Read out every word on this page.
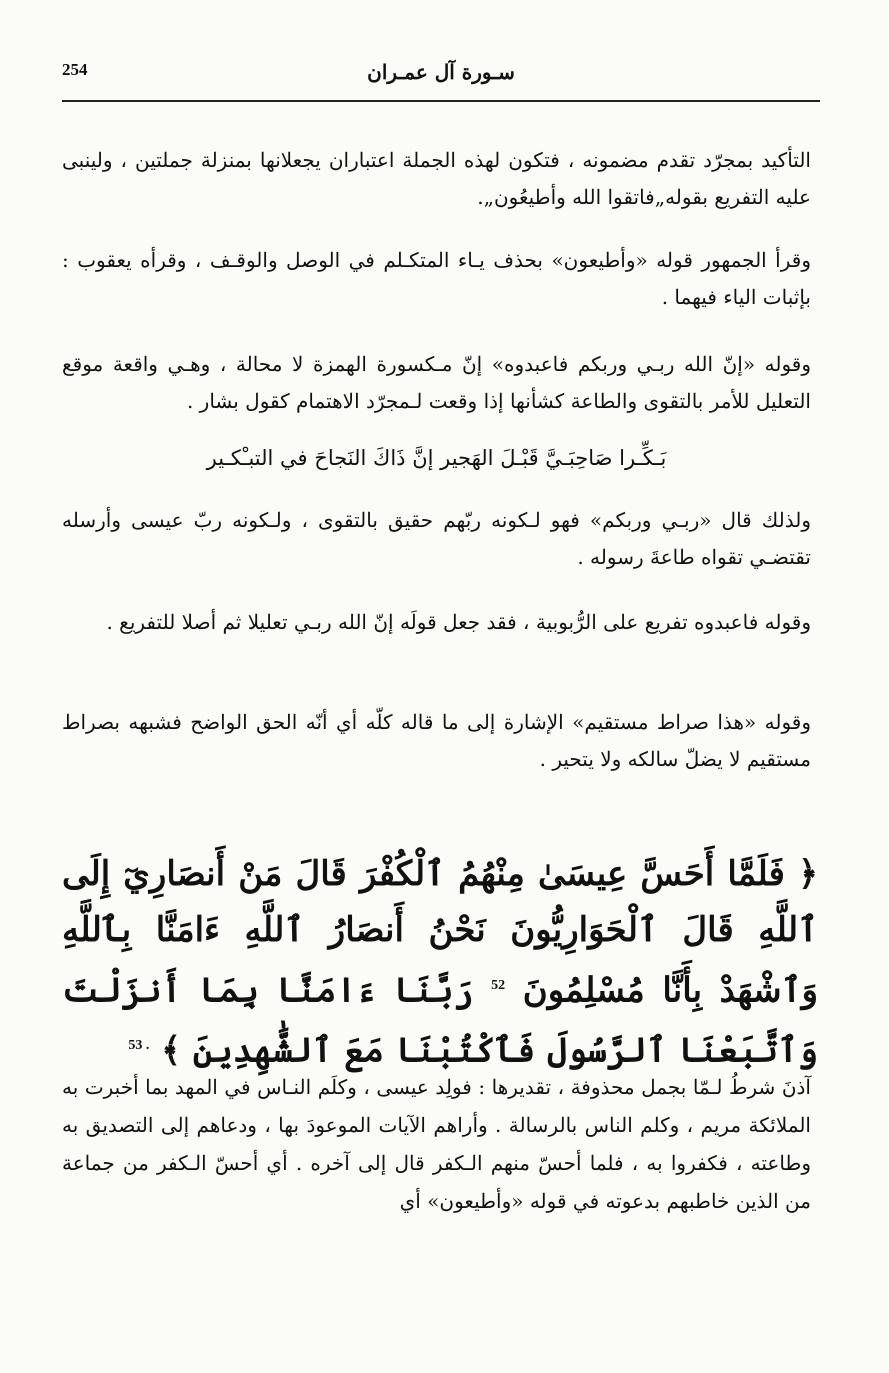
254	سـورة آل عمـران

التأكيد بمجرّد تقدم مضمونه ، فتكون لهذه الجملة اعتباران يجعلانها بمنزلة جملتين ، ولينبى عليه التفريع بقوله„فاتقوا الله وأطيعُون„.

وقرأ الجمهور قوله «وأطيعون» بحذف يـاء المتكـلم في الوصل والوقـف ، وقرأه يعقوب : بإثبات الياء فيهما .

وقوله «إنّ الله ربـي وربكم فاعبدوه» إنّ مـكسورة الهمزة لا محالة ، وهـي واقعة موقع التعليل للأمر بالتقوى والطاعة كشأنها إذا وقعت لـمجرّد الاهتمام كقول بشار .

بَـكِّـرا صَاحِبَـيَّ قَبْـلَ الهَجير إنَّ ذَاكَ النَجاحَ في التبـْكـير

ولذلك قال «ربـي وربكم» فهو لـكونه ربّهم حقيق بالتقوى ، ولـكونه ربّ عيسى وأرسله تقتضـي تقواه طاعةَ رسوله .

وقوله فاعبدوه تفريع على الرُّبوبية ، فقد جعل قولَه إنّ الله ربـي تعليلا ثم أصلا للتفريع .

وقوله «هذا صراط مستقيم» الإشارة إلى ما قاله كلّه أي أنّه الحق الواضح فشبهه بصراط مستقيم لا يضلّ سالكه ولا يتحير .

﴿ فَلَمَّا أَحَسَّ عِيسَىٰ مِنْهُمُ ٱلْكُفْرَ قَالَ مَنْ أَنصَارِيٓ إِلَى ٱللَّهِ قَالَ ٱلْحَوَارِيُّونَ نَحْنُ أَنصَارُ ٱللَّهِ ءَامَنَّا بِٱللَّهِ وَٱشْهَدْ بِأَنَّا مُسْلِمُونَ $^{52}$ رَبَّنَا ءَامَنَّا بِمَا أَنزَلْتَ وَٱتَّبَعْنَا ٱلرَّسُولَ فَٱكْتُبْنَا مَعَ ٱلشَّٰهِدِينَ ﴾ $^{. 53}$

آذنَ شرطُ لـمّا بجمل محذوفة ، تقديرها : فولِد عيسى ، وكلَم النـاس في المهد بما أخبرت به الملائكة مريم ، وكلم الناس بالرسالة . وأراهم الآيات الموعودَ بها ، ودعاهم إلى التصديق به وطاعته ، فكفروا به ، فلما أحسّ منهم الـكفر قال إلى آخره . أي أحسّ الـكفر من جماعة من الذين خاطبهم بدعوته في قوله «وأطيعون» أي
